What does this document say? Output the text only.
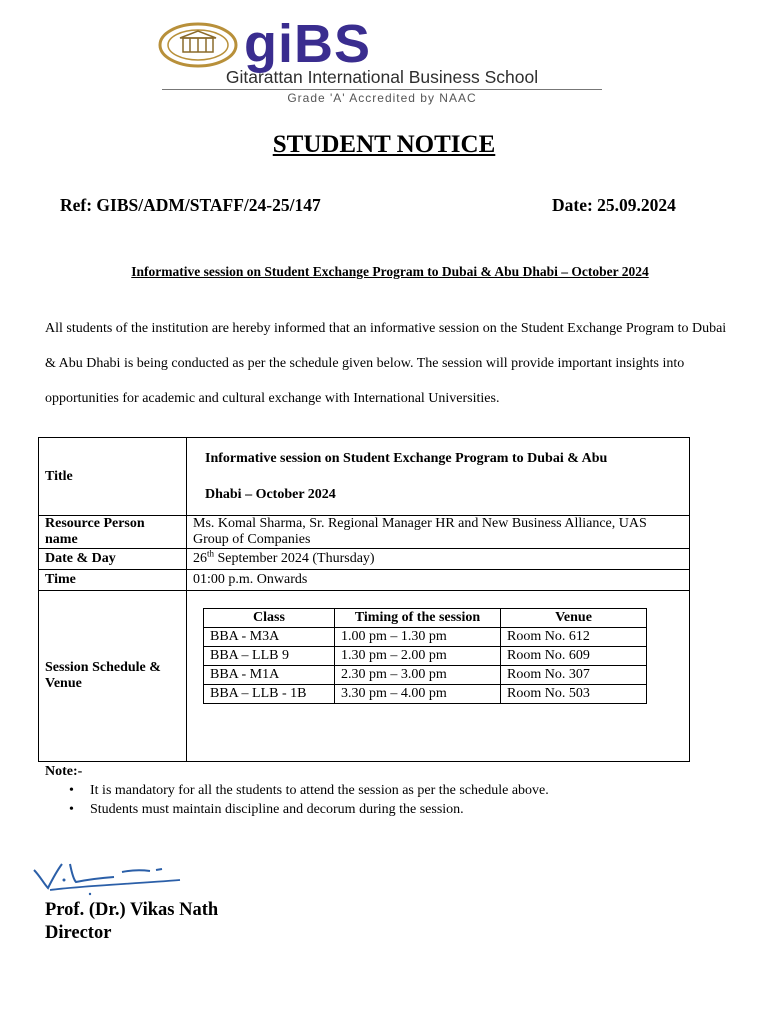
giBS
Gitarattan International Business School
Grade 'A' Accredited by NAAC
STUDENT NOTICE
Ref: GIBS/ADM/STAFF/24-25/147	Date: 25.09.2024
Informative session on Student Exchange Program to Dubai & Abu Dhabi – October 2024

All students of the institution are hereby informed that an informative session on the Student Exchange Program to Dubai & Abu Dhabi is being conducted as per the schedule given below. The session will provide important insights into opportunities for academic and cultural exchange with International Universities.

Title	Informative session on Student Exchange Program to Dubai & Abu
Dhabi – October 2024
Resource Person name	Ms. Komal Sharma, Sr. Regional Manager HR and New Business Alliance, UAS Group of Companies
Date & Day	26th September 2024 (Thursday)
Time	01:00 p.m. Onwards
Session Schedule & Venue	
Class	Timing of the session	Venue
BBA - M3A	1.00 pm – 1.30 pm	Room No. 612
BBA – LLB 9	1.30 pm – 2.00 pm	Room No. 609
BBA - M1A	2.30 pm – 3.00 pm	Room No. 307
BBA – LLB - 1B	3.30 pm – 4.00 pm	Room No. 503
Note:-
• It is mandatory for all the students to attend the session as per the schedule above.
• Students must maintain discipline and decorum during the session.
Prof. (Dr.) Vikas Nath
Director
